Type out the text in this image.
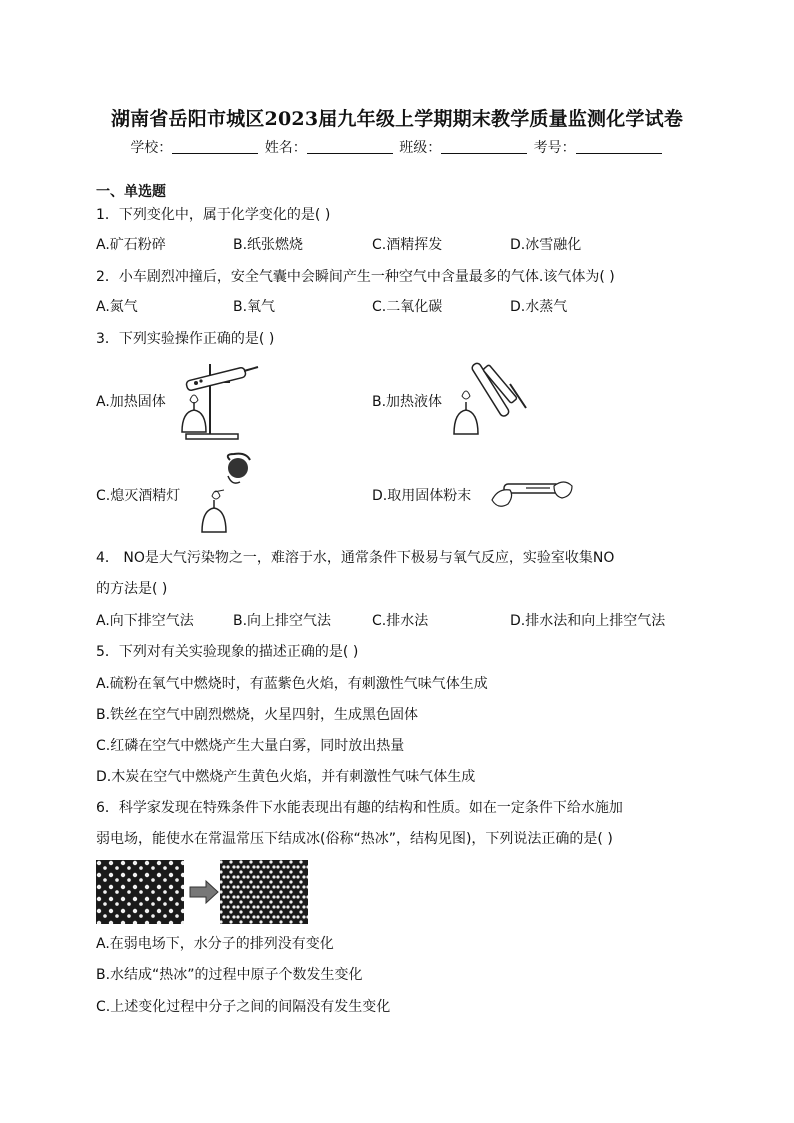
湖南省岳阳市城区2023届九年级上学期期末教学质量监测化学试卷
学校：	姓名：	班级：	考号：
一、单选题
1．下列变化中，属于化学变化的是( )
A.矿石粉碎	B.纸张燃烧	C.酒精挥发	D.冰雪融化
2．小车剧烈冲撞后，安全气囊中会瞬间产生一种空气中含量最多的气体.该气体为( )
A.氮气	B.氧气	C.二氧化碳	D.水蒸气
3．下列实验操作正确的是( )
A.加热固体	B.加热液体
C.熄灭酒精灯	D.取用固体粉末
4． NO是大气污染物之一，难溶于水，通常条件下极易与氧气反应，实验室收集NO
的方法是( )
A.向下排空气法	B.向上排空气法	C.排水法	D.排水法和向上排空气法
5．下列对有关实验现象的描述正确的是( )
A.硫粉在氧气中燃烧时，有蓝紫色火焰，有刺激性气味气体生成
B.铁丝在空气中剧烈燃烧，火星四射，生成黑色固体
C.红磷在空气中燃烧产生大量白雾，同时放出热量
D.木炭在空气中燃烧产生黄色火焰，并有刺激性气味气体生成
6．科学家发现在特殊条件下水能表现出有趣的结构和性质。如在一定条件下给水施加
弱电场，能使水在常温常压下结成冰(俗称“热冰”，结构见图)，下列说法正确的是( )
A.在弱电场下，水分子的排列没有变化
B.水结成“热冰”的过程中原子个数发生变化
C.上述变化过程中分子之间的间隔没有发生变化
